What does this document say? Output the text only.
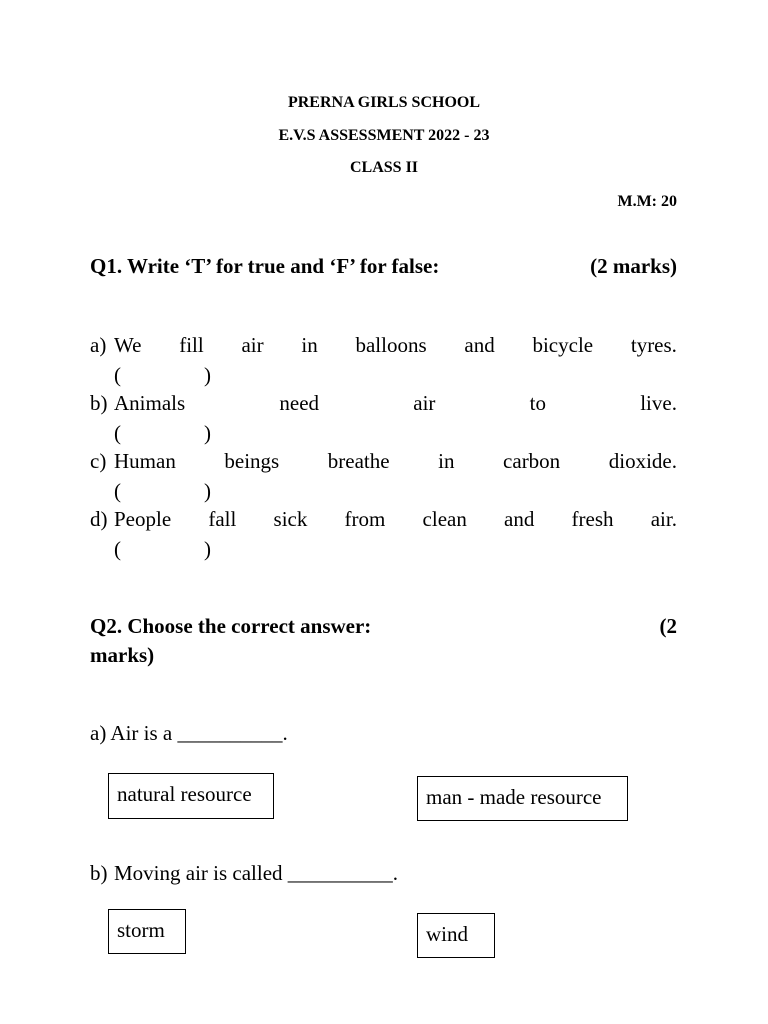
PRERNA GIRLS SCHOOL
E.V.S ASSESSMENT 2022 - 23
CLASS II
M.M: 20
Q1. Write ‘T’ for true and ‘F’ for false:	(2 marks)
a) We fill air in balloons and bicycle tyres.
(	)
b) Animals	need	air	to	live.
(	)
c) Human beings breathe in carbon dioxide.
(	)
d) People fall sick from clean and fresh air.
(	)
Q2. Choose the correct answer:	(2
marks)
a) Air is a __________.
natural resource	man - made resource
b) Moving air is called __________.
storm	wind
